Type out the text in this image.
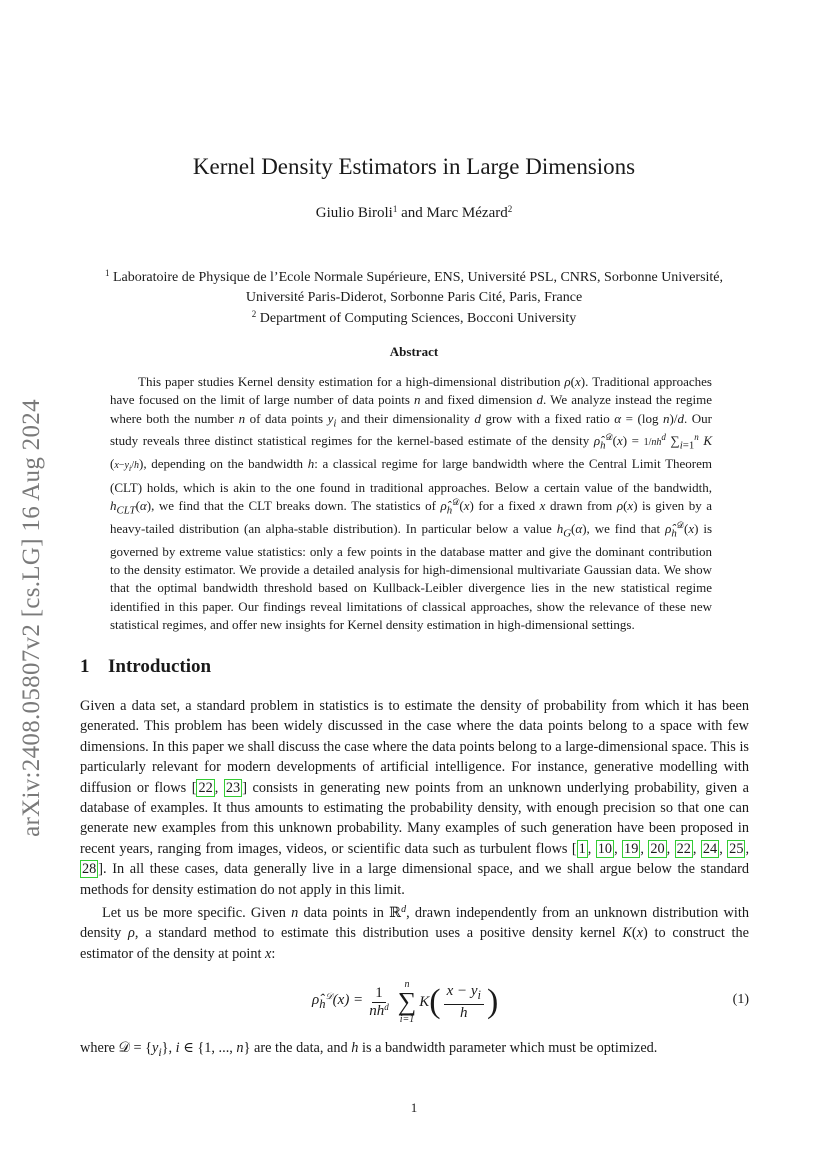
arXiv:2408.05807v2 [cs.LG] 16 Aug 2024
Kernel Density Estimators in Large Dimensions
Giulio Biroli$^1$ and Marc Mézard$^2$
$^1$ Laboratoire de Physique de l’Ecole Normale Supérieure, ENS, Université PSL, CNRS, Sorbonne Université,
Université Paris-Diderot, Sorbonne Paris Cité, Paris, France
$^2$ Department of Computing Sciences, Bocconi University
Abstract

This paper studies Kernel density estimation for a high-dimensional distribution ρ(x). Traditional approaches have focused on the limit of large number of data points n and fixed dimension d. We analyze instead the regime where both the number n of data points $y_i$ and their dimensionality d grow with a fixed ratio α = (log n)/d. Our study reveals three distinct statistical regimes for the kernel-based estimate of the density $\rhô_h^𝒟(x) = 1/nh^d$ $\sum_{i=1}^n$ K $(x-y_i/h)$, depending on the bandwidth h: a classical regime for large bandwidth where the Central Limit Theorem (CLT) holds, which is akin to the one found in traditional approaches. Below a certain value of the bandwidth, $h_{CLT}(\alpha)$, we find that the CLT breaks down. The statistics of $\rhô_h^𝒟(x)$ for a fixed x drawn from ρ(x) is given by a heavy-tailed distribution (an alpha-stable distribution). In particular below a value $h_G(\alpha)$, we find that $\rhô_h^𝒟(x)$ is governed by extreme value statistics: only a few points in the database matter and give the dominant contribution to the density estimator. We provide a detailed analysis for high-dimensional multivariate Gaussian data. We show that the optimal bandwidth threshold based on Kullback-Leibler divergence lies in the new statistical regime identified in this paper. Our findings reveal limitations of classical approaches, show the relevance of these new statistical regimes, and offer new insights for Kernel density estimation in high-dimensional settings.

1 Introduction

Given a data set, a standard problem in statistics is to estimate the density of probability from which it has been generated. This problem has been widely discussed in the case where the data points belong to a space with few dimensions. In this paper we shall discuss the case where the data points belong to a large-dimensional space. This is particularly relevant for modern developments of artificial intelligence. For instance, generative modelling with diffusion or flows [ 22 , 23 ] consists in generating new points from an unknown underlying probability, given a database of examples. It thus amounts to estimating the probability density, with enough precision so that one can generate new examples from this unknown probability. Many examples of such generation have been proposed in recent years, ranging from images, videos, or scientific data such as turbulent flows [ 1 , 10 , 19 , 20 , 22 , 24 , 25 , 28 ]. In all these cases, data generally live in a large dimensional space, and we shall argue below the standard methods for density estimation do not apply in this limit.

Let us be more specific. Given n data points in ℝ$^d$, drawn independently from an unknown distribution with density ρ, a standard method to estimate this distribution uses a positive density kernel K(x) to construct the estimator of the density at point x:

$\rhô_h^𝒟(x) = \frac{1}{nh^d}$ n
∑
i=1
K ( $\frac{x - y_i}{h}$ )	(1)

where 𝒟 = $\{y_i\}$, i ∈ {1, ..., n} are the data, and h is a bandwidth parameter which must be optimized.

1
